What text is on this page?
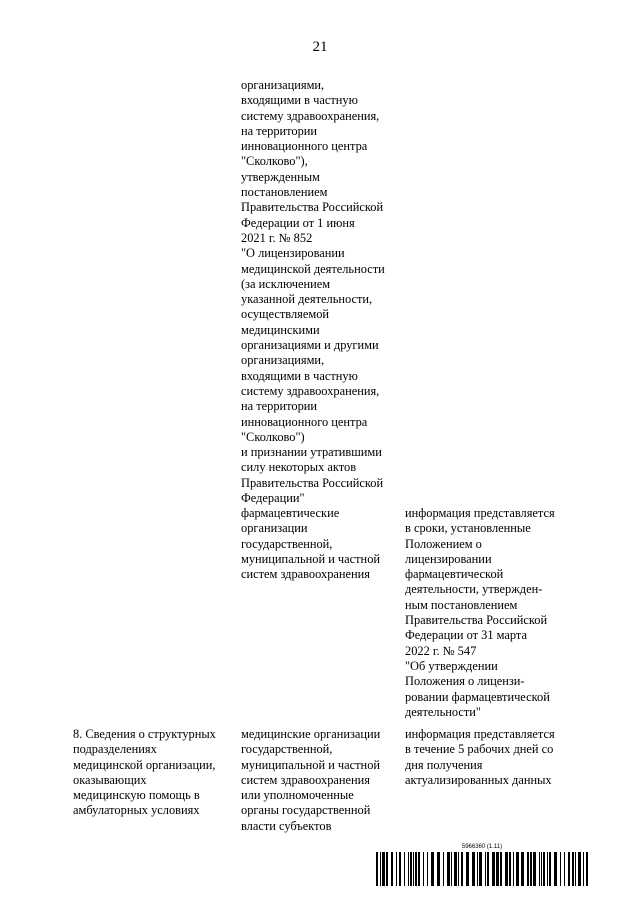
21
организациями,
входящими в частную
систему здравоохранения,
на территории
инновационного центра
"Сколково"),
утвержденным
постановлением
Правительства Российской
Федерации от 1 июня
2021 г. № 852
"О лицензировании
медицинской деятельности
(за исключением
указанной деятельности,
осуществляемой
медицинскими
организациями и другими
организациями,
входящими в частную
систему здравоохранения,
на территории
инновационного центра
"Сколково")
и признании утратившими
силу некоторых актов
Правительства Российской
Федерации"
фармацевтические
организации
государственной,
муниципальной и частной
систем здравоохранения
информация представляется
в сроки, установленные
Положением о
лицензировании
фармацевтической
деятельности, утвержден-
ным постановлением
Правительства Российской
Федерации от 31 марта
2022 г. № 547
"Об утверждении
Положения о лицензи-
ровании фармацевтической
деятельности"
8. Сведения о структурных
подразделениях
медицинской организации,
оказывающих
медицинскую помощь в
амбулаторных условиях
медицинские организации
государственной,
муниципальной и частной
систем здравоохранения
или уполномоченные
органы государственной
власти субъектов
информация представляется
в течение 5 рабочих дней со
дня получения
актуализированных данных
5966360 (1.11)
